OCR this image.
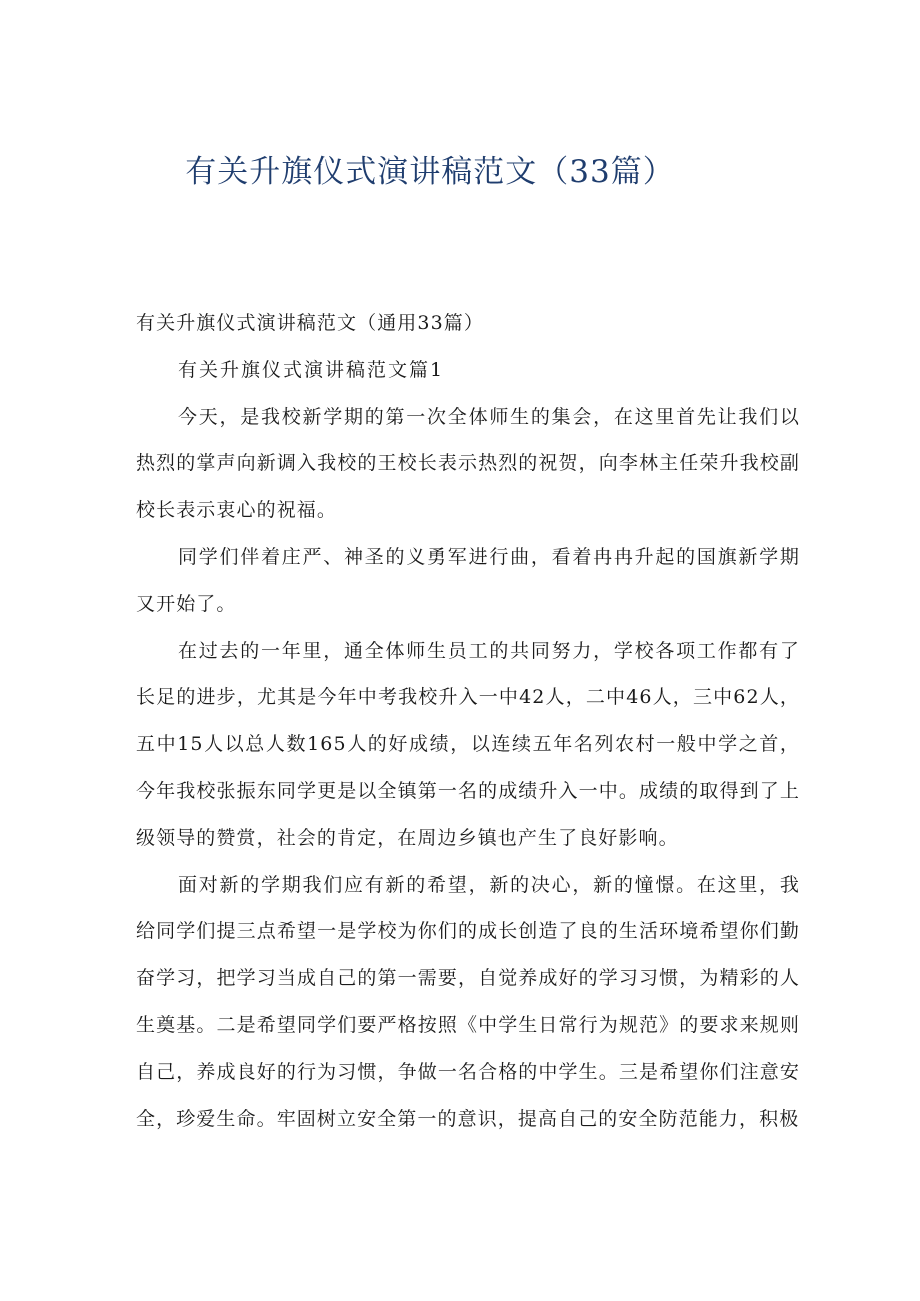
有关升旗仪式演讲稿范文（33篇）

有关升旗仪式演讲稿范文（通用33篇）

有关升旗仪式演讲稿范文篇1

今天，是我校新学期的第一次全体师生的集会，在这里首先让我们以热烈的掌声向新调入我校的王校长表示热烈的祝贺，向李林主任荣升我校副校长表示衷心的祝福。

同学们伴着庄严、神圣的义勇军进行曲，看着冉冉升起的国旗新学期又开始了。

在过去的一年里，通全体师生员工的共同努力，学校各项工作都有了长足的进步，尤其是今年中考我校升入一中42人，二中46人，三中62人，五中15人以总人数165人的好成绩，以连续五年名列农村一般中学之首，今年我校张振东同学更是以全镇第一名的成绩升入一中。成绩的取得到了上级领导的赞赏，社会的肯定，在周边乡镇也产生了良好影响。

面对新的学期我们应有新的希望，新的决心，新的憧憬。在这里，我给同学们提三点希望一是学校为你们的成长创造了良的生活环境希望你们勤奋学习，把学习当成自己的第一需要，自觉养成好的学习习惯，为精彩的人生奠基。二是希望同学们要严格按照《中学生日常行为规范》的要求来规则自己，养成良好的行为习惯，争做一名合格的中学生。三是希望你们注意安全，珍爱生命。牢固树立安全第一的意识，提高自己的安全防范能力，积极
